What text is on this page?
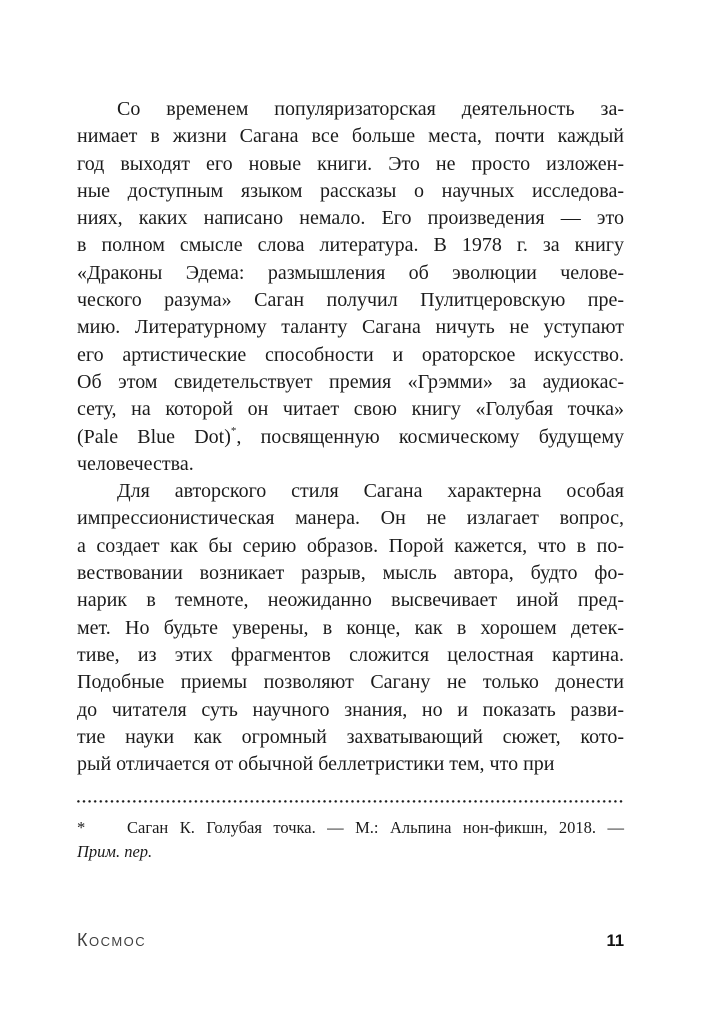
Со временем популяризаторская деятельность за-
нимает в жизни Сагана все больше места, почти каждый
год выходят его новые книги. Это не просто изложен-
ные доступным языком рассказы о научных исследова-
ниях, каких написано немало. Его произведения — это
в полном смысле слова литература. В 1978 г. за книгу
«Драконы Эдема: размышления об эволюции челове-
ческого разума» Саган получил Пулитцеровскую пре-
мию. Литературному таланту Сагана ничуть не уступают
его артистические способности и ораторское искусство.
Об этом свидетельствует премия «Грэмми» за аудиокас-
сету, на которой он читает свою книгу «Голубая точка»
(Pale Blue Dot)*, посвященную космическому будущему
человечества.
Для авторского стиля Сагана характерна особая
импрессионистическая манера. Он не излагает вопрос,
а создает как бы серию образов. Порой кажется, что в по-
вествовании возникает разрыв, мысль автора, будто фо-
нарик в темноте, неожиданно высвечивает иной пред-
мет. Но будьте уверены, в конце, как в хорошем детек-
тиве, из этих фрагментов сложится целостная картина.
Подобные приемы позволяют Сагану не только донести
до читателя суть научного знания, но и показать разви-
тие науки как огромный захватывающий сюжет, кото-
рый отличается от обычной беллетристики тем, что при
*	Саган К. Голубая точка. — М.: Альпина нон-фикшн, 2018. —
Прим. пер.
Космос	11
